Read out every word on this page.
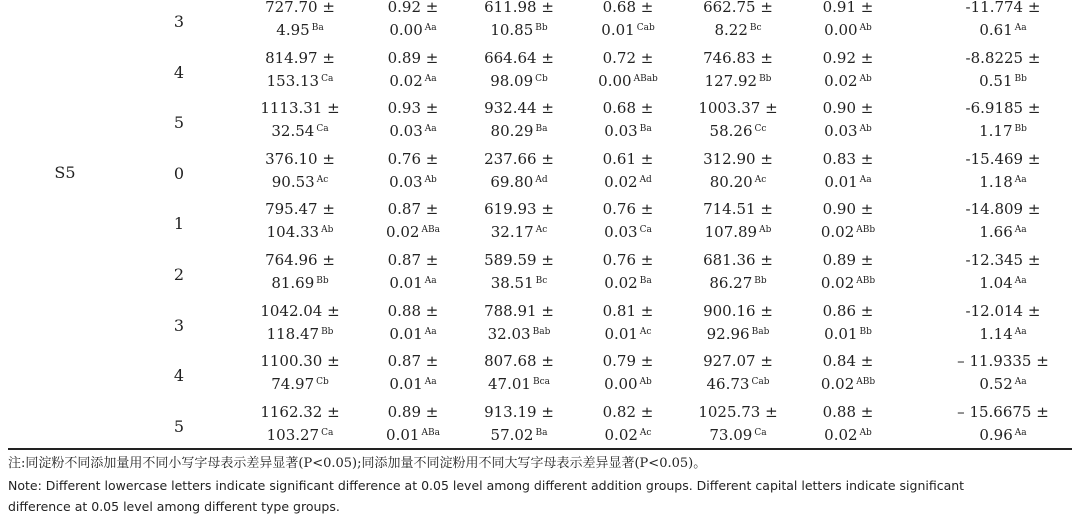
3
727.70 ±
4.95 $^{Ba}$
0.92 ±
0.00 $^{Aa}$
611.98 ±
10.85 $^{Bb}$
0.68 ±
0.01 $^{Cab}$
662.75 ±
8.22 $^{Bc}$
0.91 ±
0.00 $^{Ab}$
-11.774 ±
0.61 $^{Aa}$
4
814.97 ±
153.13 $^{Ca}$
0.89 ±
0.02 $^{Aa}$
664.64 ±
98.09 $^{Cb}$
0.72 ±
0.00 $^{ABab}$
746.83 ±
127.92 $^{Bb}$
0.92 ±
0.02 $^{Ab}$
-8.8225 ±
0.51 $^{Bb}$
5
1113.31 ±
32.54 $^{Ca}$
0.93 ±
0.03 $^{Aa}$
932.44 ±
80.29 $^{Ba}$
0.68 ±
0.03 $^{Ba}$
1003.37 ±
58.26 $^{Cc}$
0.90 ±
0.03 $^{Ab}$
-6.9185 ±
1.17 $^{Bb}$
0
376.10 ±
90.53 $^{Ac}$
0.76 ±
0.03 $^{Ab}$
237.66 ±
69.80 $^{Ad}$
0.61 ±
0.02 $^{Ad}$
312.90 ±
80.20 $^{Ac}$
0.83 ±
0.01 $^{Aa}$
-15.469 ±
1.18 $^{Aa}$
1
795.47 ±
104.33 $^{Ab}$
0.87 ±
0.02 $^{ABa}$
619.93 ±
32.17 $^{Ac}$
0.76 ±
0.03 $^{Ca}$
714.51 ±
107.89 $^{Ab}$
0.90 ±
0.02 $^{ABb}$
-14.809 ±
1.66 $^{Aa}$
2
764.96 ±
81.69 $^{Bb}$
0.87 ±
0.01 $^{Aa}$
589.59 ±
38.51 $^{Bc}$
0.76 ±
0.02 $^{Ba}$
681.36 ±
86.27 $^{Bb}$
0.89 ±
0.02 $^{ABb}$
-12.345 ±
1.04 $^{Aa}$
3
1042.04 ±
118.47 $^{Bb}$
0.88 ±
0.01 $^{Aa}$
788.91 ±
32.03 $^{Bab}$
0.81 ±
0.01 $^{Ac}$
900.16 ±
92.96 $^{Bab}$
0.86 ±
0.01 $^{Bb}$
-12.014 ±
1.14 $^{Aa}$
4
1100.30 ±
74.97 $^{Cb}$
0.87 ±
0.01 $^{Aa}$
807.68 ±
47.01 $^{Bca}$
0.79 ±
0.00 $^{Ab}$
927.07 ±
46.73 $^{Cab}$
0.84 ±
0.02 $^{ABb}$
– 11.9335 ±
0.52 $^{Aa}$
5
1162.32 ±
103.27 $^{Ca}$
0.89 ±
0.01 $^{ABa}$
913.19 ±
57.02 $^{Ba}$
0.82 ±
0.02 $^{Ac}$
1025.73 ±
73.09 $^{Ca}$
0.88 ±
0.02 $^{Ab}$
– 15.6675 ±
0.96 $^{Aa}$
S5
注:同淀粉不同添加量用不同小写字母表示差异显著(P<0.05);同添加量不同淀粉用不同大写字母表示差异显著(P<0.05)。
Note: Different lowercase letters indicate significant difference at 0.05 level among different addition groups. Different capital letters indicate significant
difference at 0.05 level among different type groups.
